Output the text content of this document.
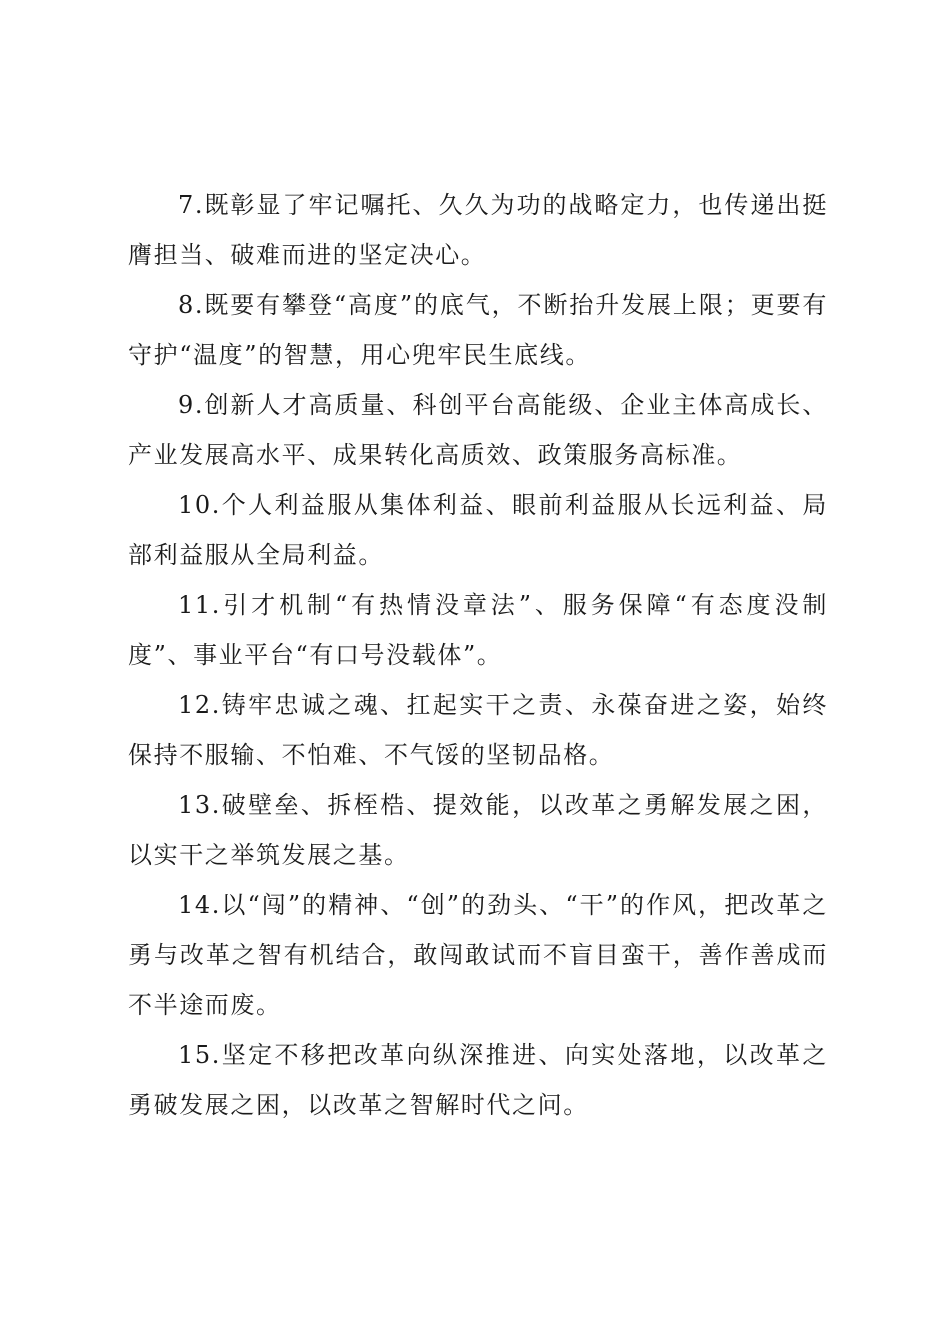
7.既彰显了牢记嘱托、久久为功的战略定力，也传递出挺膺担当、破难而进的坚定决心。

8.既要有攀登“高度”的底气，不断抬升发展上限；更要有守护“温度”的智慧，用心兜牢民生底线。

9.创新人才高质量、科创平台高能级、企业主体高成长、产业发展高水平、成果转化高质效、政策服务高标准。

10.个人利益服从集体利益、眼前利益服从长远利益、局部利益服从全局利益。

11.引才机制“有热情没章法”、服务保障“有态度没制度”、事业平台“有口号没载体”。

12.铸牢忠诚之魂、扛起实干之责、永葆奋进之姿，始终保持不服输、不怕难、不气馁的坚韧品格。

13.破壁垒、拆桎梏、提效能，以改革之勇解发展之困，以实干之举筑发展之基。

14.以“闯”的精神、“创”的劲头、“干”的作风，把改革之勇与改革之智有机结合，敢闯敢试而不盲目蛮干，善作善成而不半途而废。

15.坚定不移把改革向纵深推进、向实处落地，以改革之勇破发展之困，以改革之智解时代之问。
